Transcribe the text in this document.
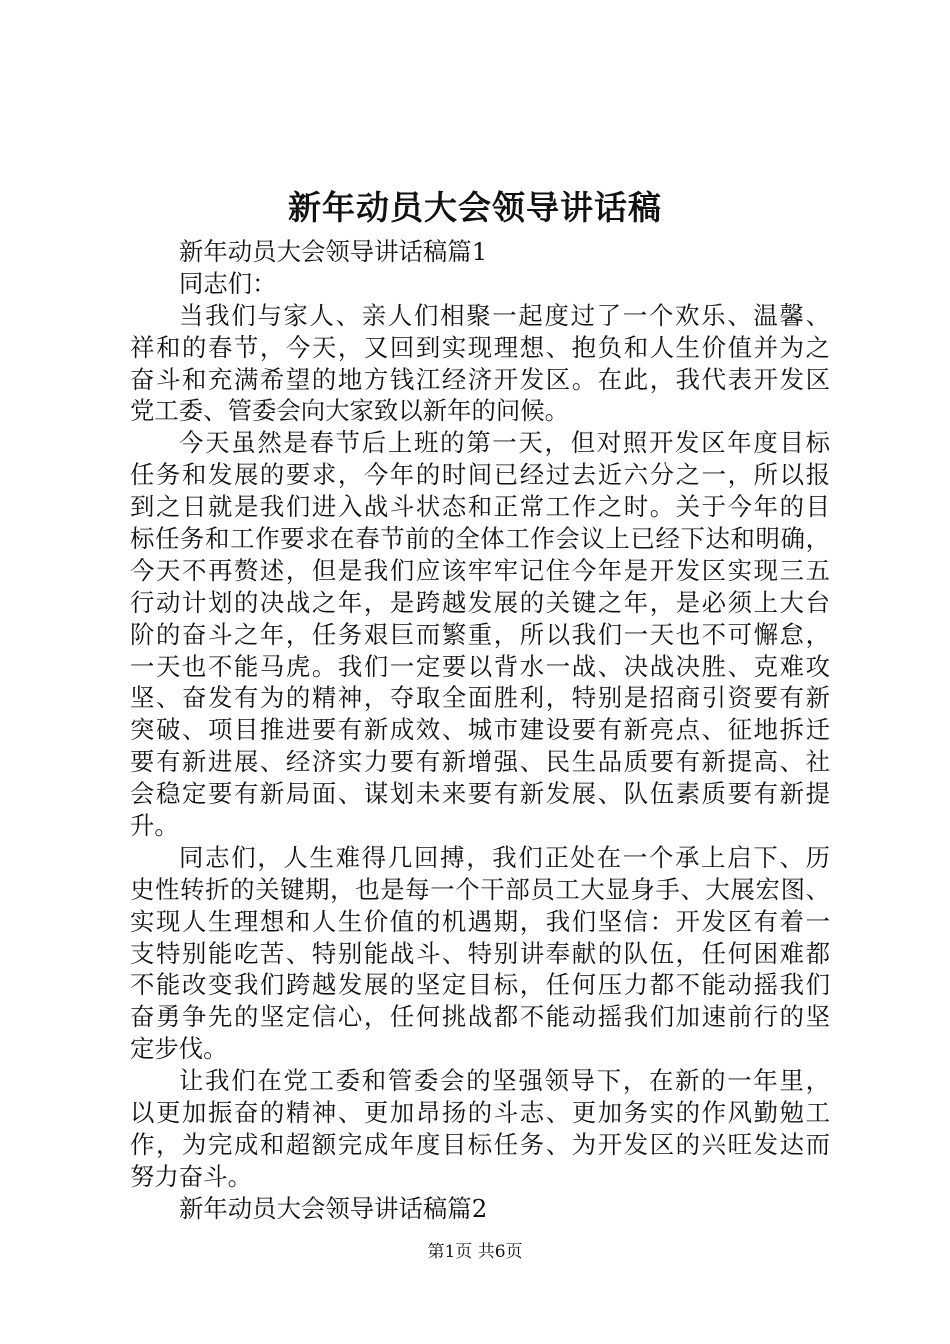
新年动员大会领导讲话稿
新年动员大会领导讲话稿篇1
同志们：
当我们与家人、亲人们相聚一起度过了一个欢乐、温馨、
祥和的春节，今天，又回到实现理想、抱负和人生价值并为之
奋斗和充满希望的地方钱江经济开发区。在此，我代表开发区
党工委、管委会向大家致以新年的问候。
今天虽然是春节后上班的第一天，但对照开发区年度目标
任务和发展的要求，今年的时间已经过去近六分之一，所以报
到之日就是我们进入战斗状态和正常工作之时。关于今年的目
标任务和工作要求在春节前的全体工作会议上已经下达和明确，
今天不再赘述，但是我们应该牢牢记住今年是开发区实现三五
行动计划的决战之年，是跨越发展的关键之年，是必须上大台
阶的奋斗之年，任务艰巨而繁重，所以我们一天也不可懈怠，
一天也不能马虎。我们一定要以背水一战、决战决胜、克难攻
坚、奋发有为的精神，夺取全面胜利，特别是招商引资要有新
突破、项目推进要有新成效、城市建设要有新亮点、征地拆迁
要有新进展、经济实力要有新增强、民生品质要有新提高、社
会稳定要有新局面、谋划未来要有新发展、队伍素质要有新提
升。
同志们，人生难得几回搏，我们正处在一个承上启下、历
史性转折的关键期，也是每一个干部员工大显身手、大展宏图、
实现人生理想和人生价值的机遇期，我们坚信：开发区有着一
支特别能吃苦、特别能战斗、特别讲奉献的队伍，任何困难都
不能改变我们跨越发展的坚定目标，任何压力都不能动摇我们
奋勇争先的坚定信心，任何挑战都不能动摇我们加速前行的坚
定步伐。
让我们在党工委和管委会的坚强领导下，在新的一年里，
以更加振奋的精神、更加昂扬的斗志、更加务实的作风勤勉工
作，为完成和超额完成年度目标任务、为开发区的兴旺发达而
努力奋斗。
新年动员大会领导讲话稿篇2
第1页 共6页
